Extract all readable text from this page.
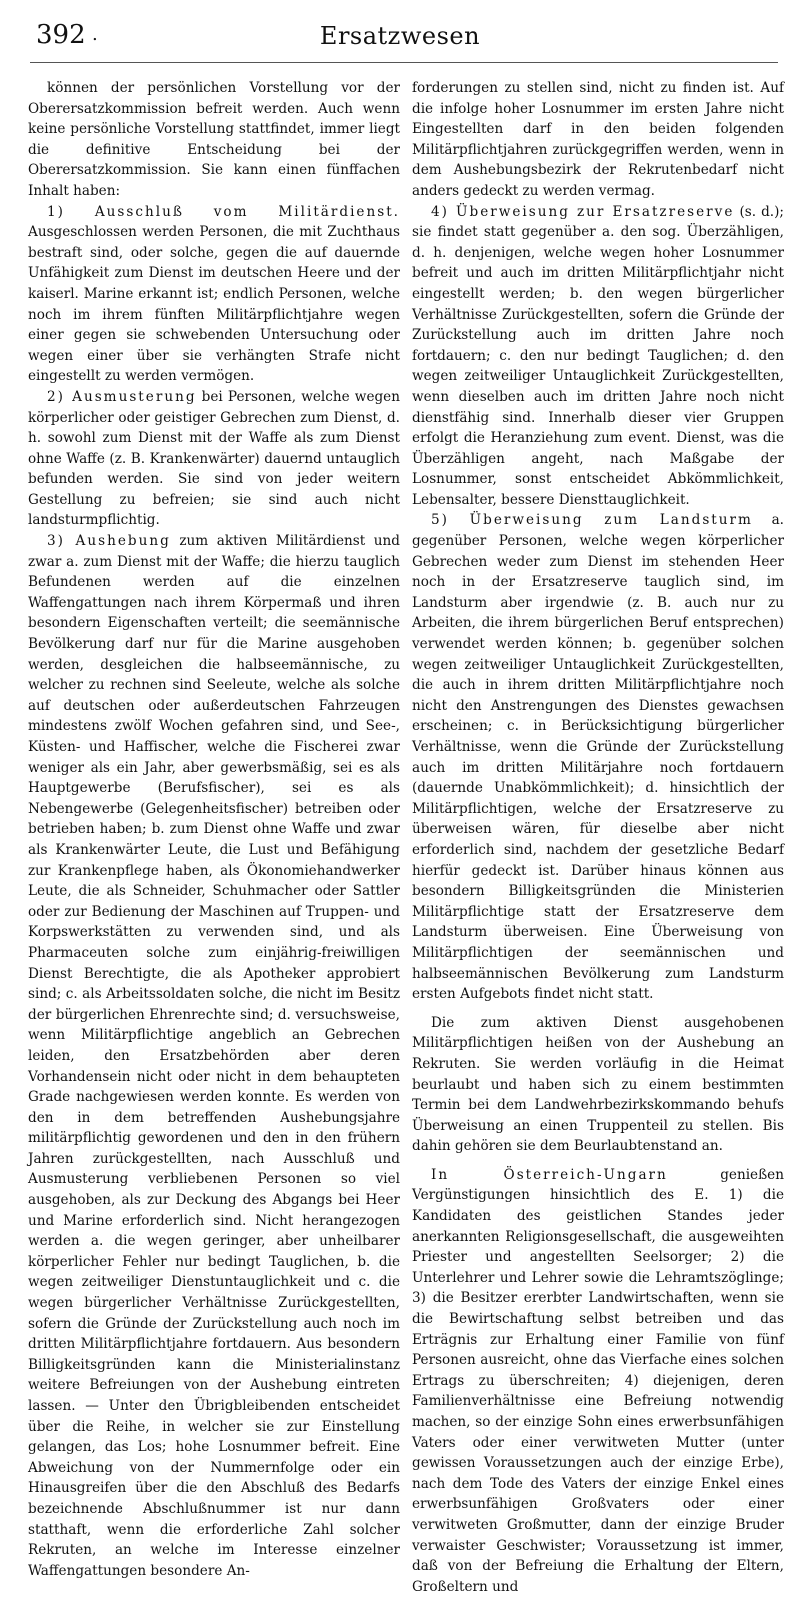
392 .	Ersatzwesen

können der persönlichen Vorstellung vor der Oberersatzkommission befreit werden. Auch wenn keine persönliche Vorstellung stattfindet, immer liegt die definitive Entscheidung bei der Oberersatzkommission. Sie kann einen fünffachen Inhalt haben:

1) Ausschluß vom Militärdienst. Ausgeschlossen werden Personen, die mit Zuchthaus bestraft sind, oder solche, gegen die auf dauernde Unfähigkeit zum Dienst im deutschen Heere und der kaiserl. Marine erkannt ist; endlich Personen, welche noch im ihrem fünften Militärpflichtjahre wegen einer gegen sie schwebenden Untersuchung oder wegen einer über sie verhängten Strafe nicht eingestellt zu werden vermögen.

2) Ausmusterung bei Personen, welche wegen körperlicher oder geistiger Gebrechen zum Dienst, d. h. sowohl zum Dienst mit der Waffe als zum Dienst ohne Waffe (z. B. Krankenwärter) dauernd untauglich befunden werden. Sie sind von jeder weitern Gestellung zu befreien; sie sind auch nicht landsturmpflichtig.

3) Aushebung zum aktiven Militärdienst und zwar a. zum Dienst mit der Waffe; die hierzu tauglich Befundenen werden auf die einzelnen Waffengattungen nach ihrem Körpermaß und ihren besondern Eigenschaften verteilt; die seemännische Bevölkerung darf nur für die Marine ausgehoben werden, desgleichen die halbseemännische, zu welcher zu rechnen sind Seeleute, welche als solche auf deutschen oder außerdeutschen Fahrzeugen mindestens zwölf Wochen gefahren sind, und See-, Küsten- und Haffischer, welche die Fischerei zwar weniger als ein Jahr, aber gewerbsmäßig, sei es als Hauptgewerbe (Berufsfischer), sei es als Nebengewerbe (Gelegenheitsfischer) betreiben oder betrieben haben; b. zum Dienst ohne Waffe und zwar als Krankenwärter Leute, die Lust und Befähigung zur Krankenpflege haben, als Ökonomiehandwerker Leute, die als Schneider, Schuhmacher oder Sattler oder zur Bedienung der Maschinen auf Truppen- und Korpswerkstätten zu verwenden sind, und als Pharmaceuten solche zum einjährig-freiwilligen Dienst Berechtigte, die als Apotheker approbiert sind; c. als Arbeitssoldaten solche, die nicht im Besitz der bürgerlichen Ehrenrechte sind; d. versuchsweise, wenn Militärpflichtige angeblich an Gebrechen leiden, den Ersatzbehörden aber deren Vorhandensein nicht oder nicht in dem behaupteten Grade nachgewiesen werden konnte. Es werden von den in dem betreffenden Aushebungsjahre militärpflichtig gewordenen und den in den frühern Jahren zurückgestellten, nach Ausschluß und Ausmusterung verbliebenen Personen so viel ausgehoben, als zur Deckung des Abgangs bei Heer und Marine erforderlich sind. Nicht herangezogen werden a. die wegen geringer, aber unheilbarer körperlicher Fehler nur bedingt Tauglichen, b. die wegen zeitweiliger Dienstuntauglichkeit und c. die wegen bürgerlicher Verhältnisse Zurückgestellten, sofern die Gründe der Zurückstellung auch noch im dritten Militärpflichtjahre fortdauern. Aus besondern Billigkeitsgründen kann die Ministerialinstanz weitere Befreiungen von der Aushebung eintreten lassen. — Unter den Übrigbleibenden entscheidet über die Reihe, in welcher sie zur Einstellung gelangen, das Los; hohe Losnummer befreit. Eine Abweichung von der Nummernfolge oder ein Hinausgreifen über die den Abschluß des Bedarfs bezeichnende Abschlußnummer ist nur dann statthaft, wenn die erforderliche Zahl solcher Rekruten, an welche im Interesse einzelner Waffengattungen besondere An-

forderungen zu stellen sind, nicht zu finden ist. Auf die infolge hoher Losnummer im ersten Jahre nicht Eingestellten darf in den beiden folgenden Militärpflichtjahren zurückgegriffen werden, wenn in dem Aushebungsbezirk der Rekrutenbedarf nicht anders gedeckt zu werden vermag.

4) Überweisung zur Ersatzreserve (s. d.); sie findet statt gegenüber a. den sog. Überzähligen, d. h. denjenigen, welche wegen hoher Losnummer befreit und auch im dritten Militärpflichtjahr nicht eingestellt werden; b. den wegen bürgerlicher Verhältnisse Zurückgestellten, sofern die Gründe der Zurückstellung auch im dritten Jahre noch fortdauern; c. den nur bedingt Tauglichen; d. den wegen zeitweiliger Untauglichkeit Zurückgestellten, wenn dieselben auch im dritten Jahre noch nicht dienstfähig sind. Innerhalb dieser vier Gruppen erfolgt die Heranziehung zum event. Dienst, was die Überzähligen angeht, nach Maßgabe der Losnummer, sonst entscheidet Abkömmlichkeit, Lebensalter, bessere Diensttauglichkeit.

5) Überweisung zum Landsturm a. gegenüber Personen, welche wegen körperlicher Gebrechen weder zum Dienst im stehenden Heer noch in der Ersatzreserve tauglich sind, im Landsturm aber irgendwie (z. B. auch nur zu Arbeiten, die ihrem bürgerlichen Beruf entsprechen) verwendet werden können; b. gegenüber solchen wegen zeitweiliger Untauglichkeit Zurückgestellten, die auch in ihrem dritten Militärpflichtjahre noch nicht den Anstrengungen des Dienstes gewachsen erscheinen; c. in Berücksichtigung bürgerlicher Verhältnisse, wenn die Gründe der Zurückstellung auch im dritten Militärjahre noch fortdauern (dauernde Unabkömmlichkeit); d. hinsichtlich der Militärpflichtigen, welche der Ersatzreserve zu überweisen wären, für dieselbe aber nicht erforderlich sind, nachdem der gesetzliche Bedarf hierfür gedeckt ist. Darüber hinaus können aus besondern Billigkeitsgründen die Ministerien Militärpflichtige statt der Ersatzreserve dem Landsturm überweisen. Eine Überweisung von Militärpflichtigen der seemännischen und halbseemännischen Bevölkerung zum Landsturm ersten Aufgebots findet nicht statt.

Die zum aktiven Dienst ausgehobenen Militärpflichtigen heißen von der Aushebung an Rekruten. Sie werden vorläufig in die Heimat beurlaubt und haben sich zu einem bestimmten Termin bei dem Landwehrbezirkskommando behufs Überweisung an einen Truppenteil zu stellen. Bis dahin gehören sie dem Beurlaubtenstand an.

In Österreich-Ungarn genießen Vergünstigungen hinsichtlich des E. 1) die Kandidaten des geistlichen Standes jeder anerkannten Religionsgesellschaft, die ausgeweihten Priester und angestellten Seelsorger; 2) die Unterlehrer und Lehrer sowie die Lehramtszöglinge; 3) die Besitzer ererbter Landwirtschaften, wenn sie die Bewirtschaftung selbst betreiben und das Erträgnis zur Erhaltung einer Familie von fünf Personen ausreicht, ohne das Vierfache eines solchen Ertrags zu überschreiten; 4) diejenigen, deren Familienverhältnisse eine Befreiung notwendig machen, so der einzige Sohn eines erwerbsunfähigen Vaters oder einer verwitweten Mutter (unter gewissen Voraussetzungen auch der einzige Erbe), nach dem Tode des Vaters der einzige Enkel eines erwerbsunfähigen Großvaters oder einer verwitweten Großmutter, dann der einzige Bruder verwaister Geschwister; Voraussetzung ist immer, daß von der Befreiung die Erhaltung der Eltern, Großeltern und
